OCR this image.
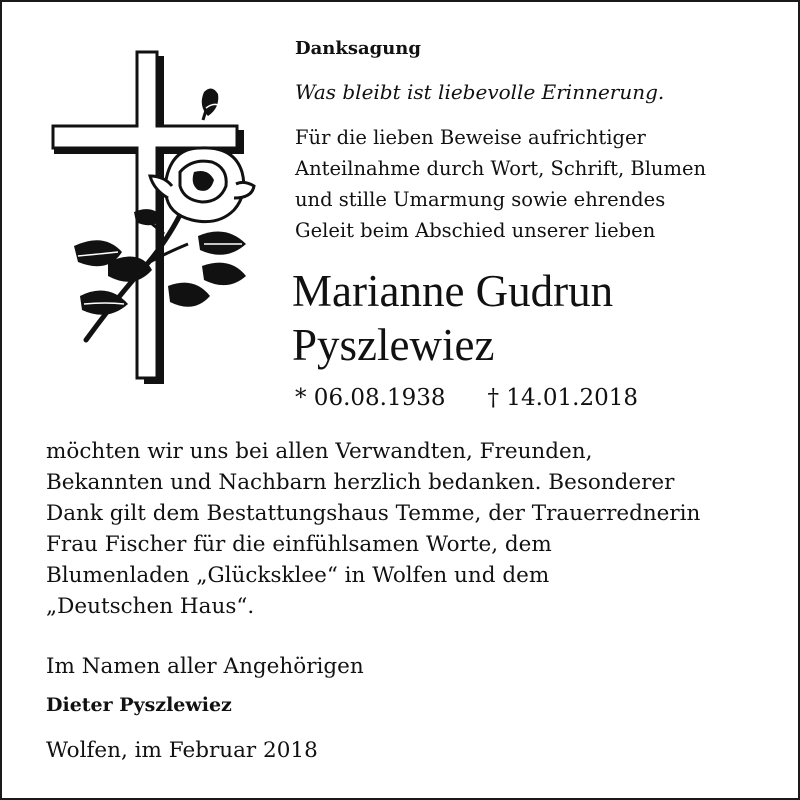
Danksagung
Was bleibt ist liebevolle Erinnerung.
Für die lieben Beweise aufrichtiger
Anteilnahme durch Wort, Schrift, Blumen
und stille Umarmung sowie ehrendes
Geleit beim Abschied unserer lieben
Marianne Gudrun
Pyszlewiez
* 06.08.1938 † 14.01.2018
möchten wir uns bei allen Verwandten, Freunden,
Bekannten und Nachbarn herzlich bedanken. Besonderer
Dank gilt dem Bestattungshaus Temme, der Trauerrednerin
Frau Fischer für die einfühlsamen Worte, dem
Blumenladen „Glücksklee“ in Wolfen und dem
„Deutschen Haus“.
Im Namen aller Angehörigen
Dieter Pyszlewiez
Wolfen, im Februar 2018
